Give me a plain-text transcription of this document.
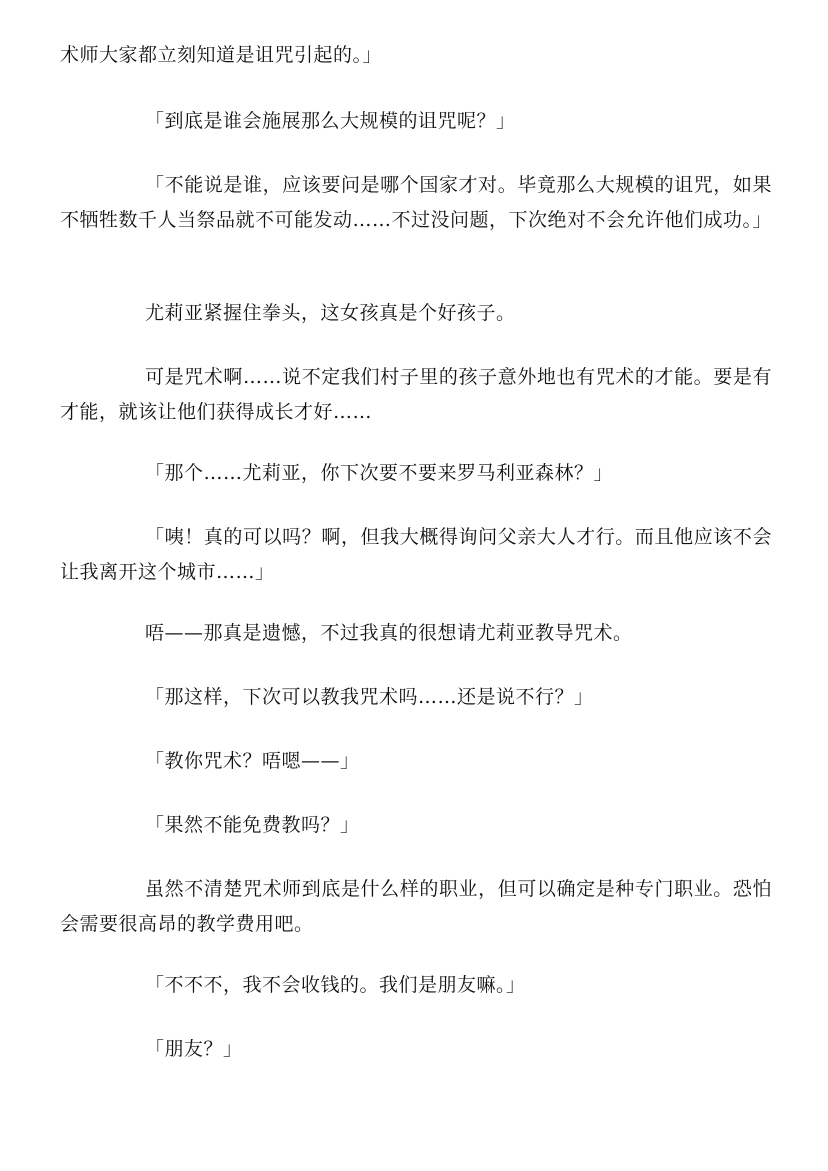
术师大家都立刻知道是诅咒引起的。」

「到底是谁会施展那么大规模的诅咒呢？」

「不能说是谁，应该要问是哪个国家才对。毕竟那么大规模的诅咒，如果不牺牲数千人当祭品就不可能发动……不过没问题，下次绝对不会允许他们成功。」

尤莉亚紧握住拳头，这女孩真是个好孩子。

可是咒术啊……说不定我们村子里的孩子意外地也有咒术的才能。要是有才能，就该让他们获得成长才好……

「那个……尤莉亚，你下次要不要来罗马利亚森林？」

「咦！真的可以吗？啊，但我大概得询问父亲大人才行。而且他应该不会让我离开这个城市……」

唔——那真是遗憾，不过我真的很想请尤莉亚教导咒术。

「那这样，下次可以教我咒术吗……还是说不行？」

「教你咒术？唔嗯——」

「果然不能免费教吗？」

虽然不清楚咒术师到底是什么样的职业，但可以确定是种专门职业。恐怕会需要很高昂的教学费用吧。

「不不不，我不会收钱的。我们是朋友嘛。」

「朋友？」
